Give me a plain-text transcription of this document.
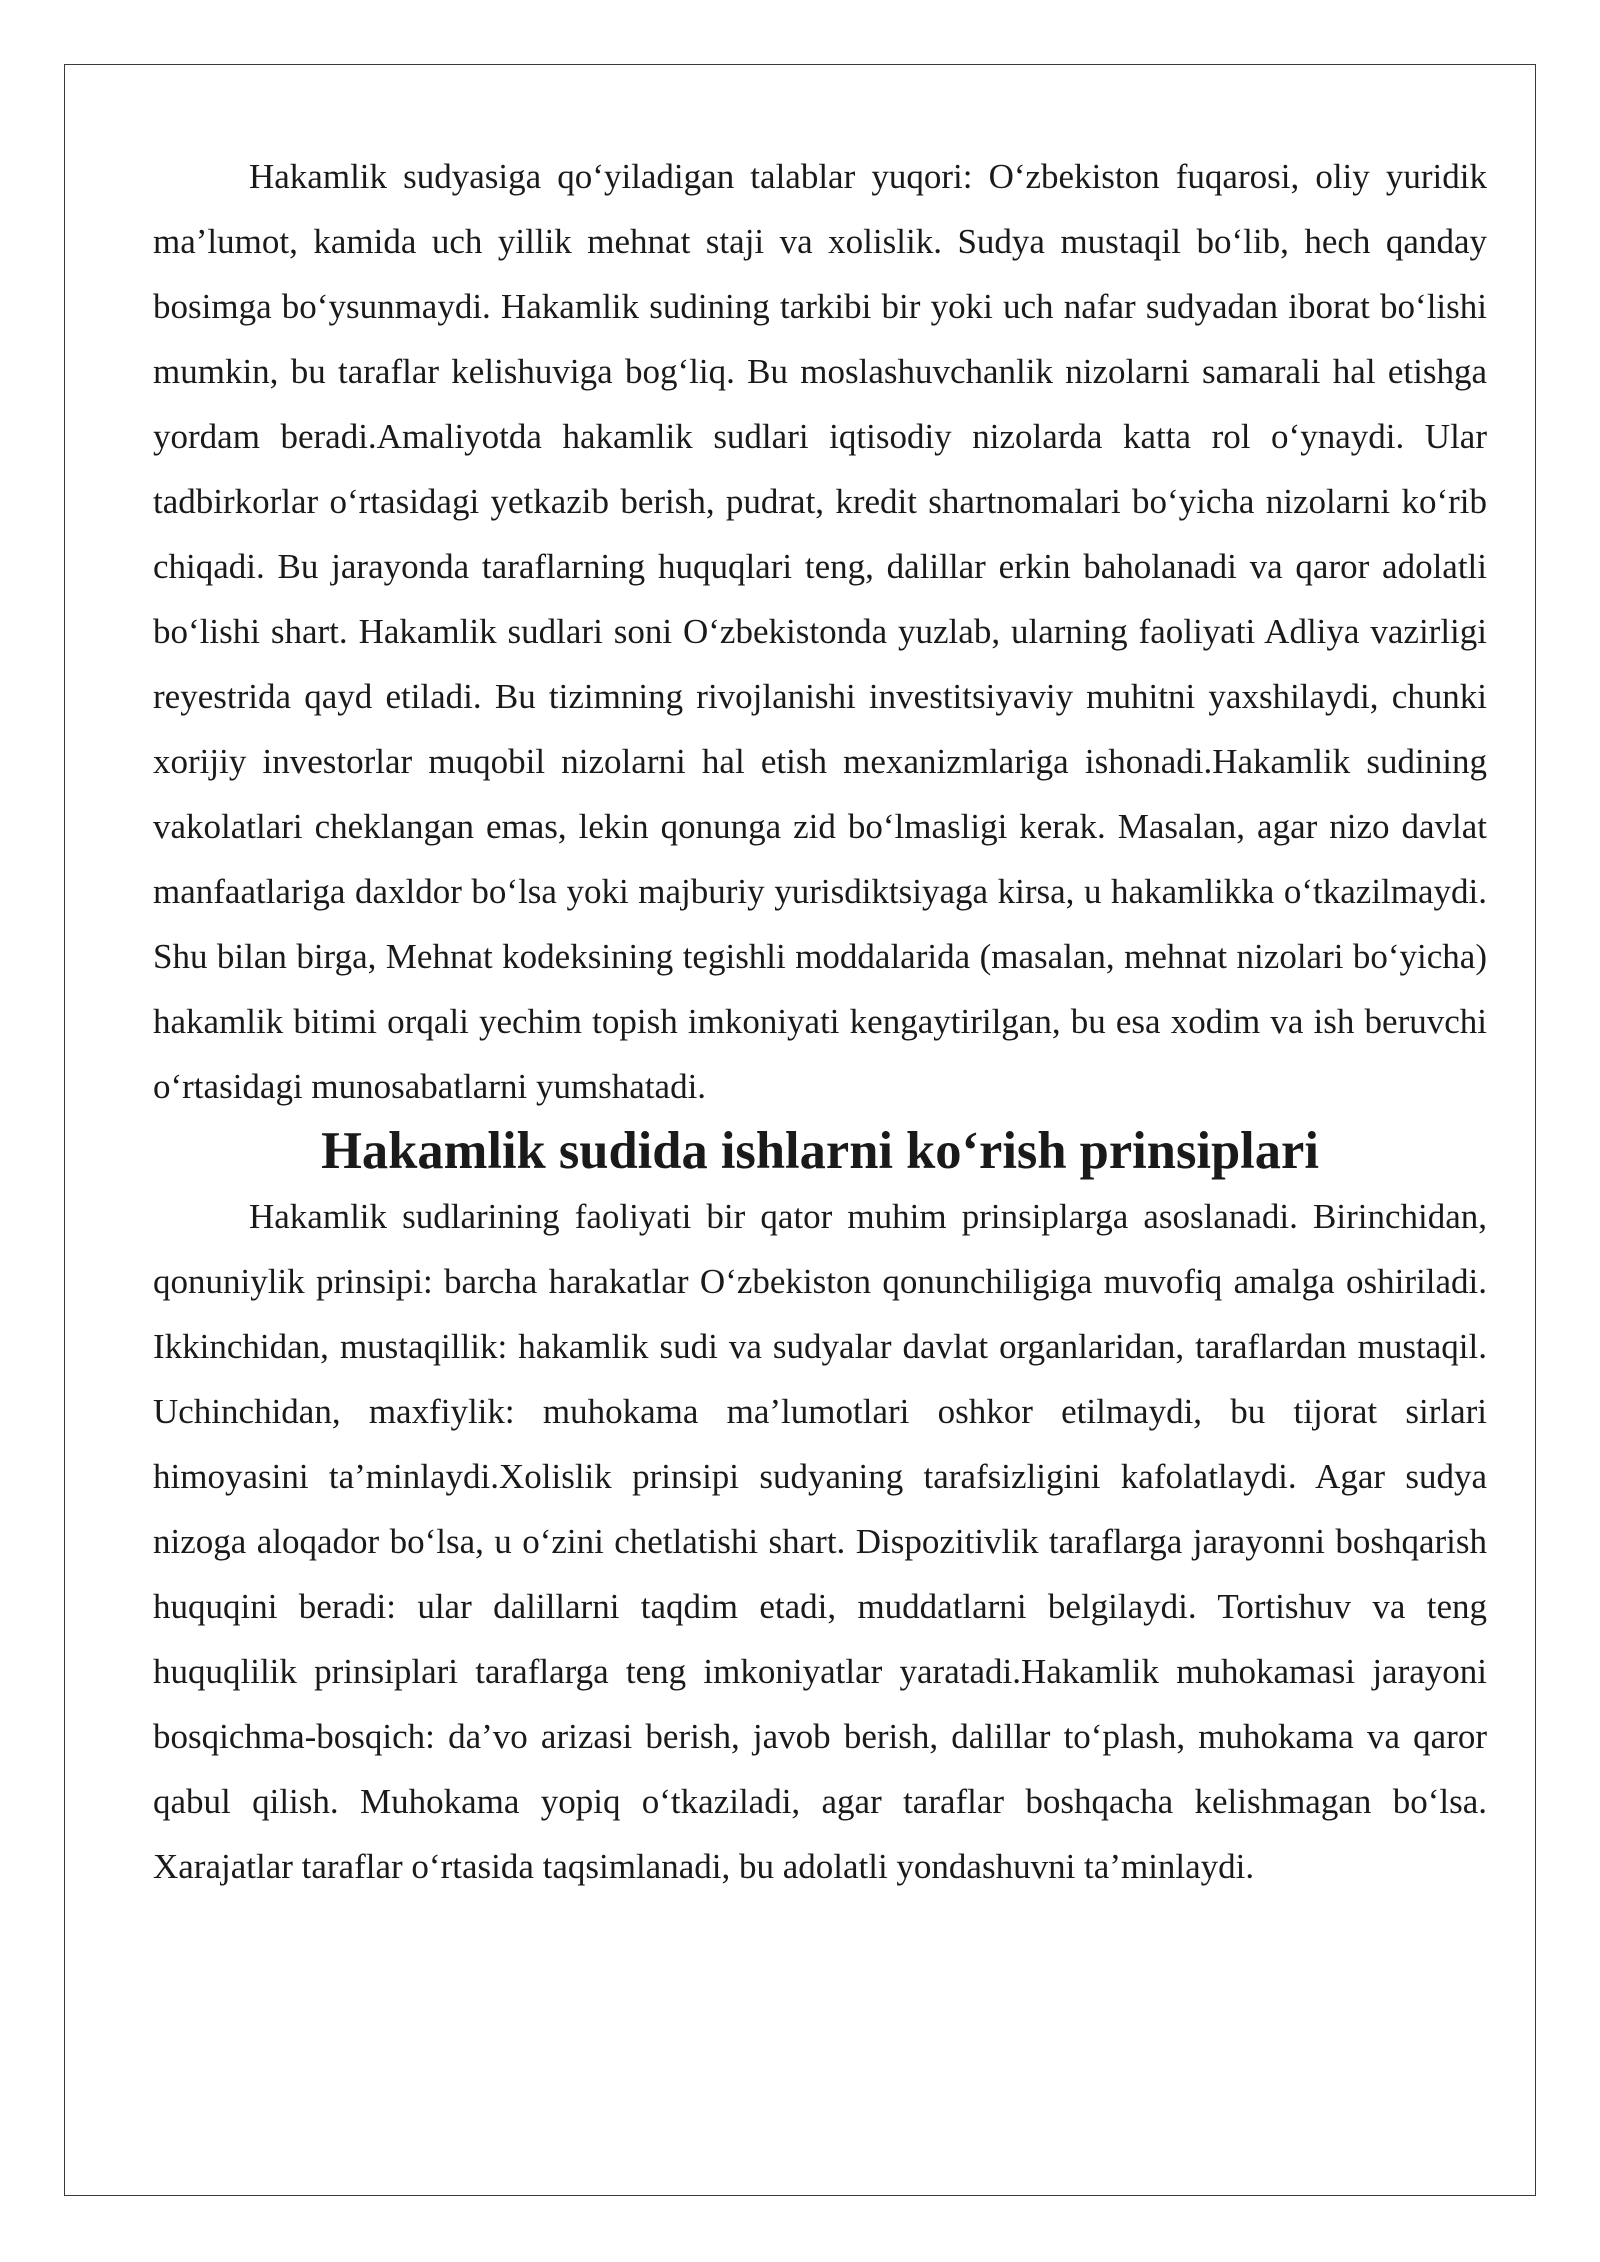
Hakamlik sudyasiga qo‘yiladigan talablar yuqori: O‘zbekiston fuqarosi, oliy yuridik ma’lumot, kamida uch yillik mehnat staji va xolislik. Sudya mustaqil bo‘lib, hech qanday bosimga bo‘ysunmaydi. Hakamlik sudining tarkibi bir yoki uch nafar sudyadan iborat bo‘lishi mumkin, bu taraflar kelishuviga bog‘liq. Bu moslashuvchanlik nizolarni samarali hal etishga yordam beradi.Amaliyotda hakamlik sudlari iqtisodiy nizolarda katta rol o‘ynaydi. Ular tadbirkorlar o‘rtasidagi yetkazib berish, pudrat, kredit shartnomalari bo‘yicha nizolarni ko‘rib chiqadi. Bu jarayonda taraflarning huquqlari teng, dalillar erkin baholanadi va qaror adolatli bo‘lishi shart. Hakamlik sudlari soni O‘zbekistonda yuzlab, ularning faoliyati Adliya vazirligi reyestrida qayd etiladi. Bu tizimning rivojlanishi investitsiyaviy muhitni yaxshilaydi, chunki xorijiy investorlar muqobil nizolarni hal etish mexanizmlariga ishonadi.Hakamlik sudining vakolatlari cheklangan emas, lekin qonunga zid bo‘lmasligi kerak. Masalan, agar nizo davlat manfaatlariga daxldor bo‘lsa yoki majburiy yurisdiktsiyaga kirsa, u hakamlikka o‘tkazilmaydi. Shu bilan birga, Mehnat kodeksining tegishli moddalarida (masalan, mehnat nizolari bo‘yicha) hakamlik bitimi orqali yechim topish imkoniyati kengaytirilgan, bu esa xodim va ish beruvchi o‘rtasidagi munosabatlarni yumshatadi.

Hakamlik sudida ishlarni ko‘rish prinsiplari

Hakamlik sudlarining faoliyati bir qator muhim prinsiplarga asoslanadi. Birinchidan, qonuniylik prinsipi: barcha harakatlar O‘zbekiston qonunchiligiga muvofiq amalga oshiriladi. Ikkinchidan, mustaqillik: hakamlik sudi va sudyalar davlat organlaridan, taraflardan mustaqil. Uchinchidan, maxfiylik: muhokama ma’lumotlari oshkor etilmaydi, bu tijorat sirlari himoyasini ta’minlaydi.Xolislik prinsipi sudyaning tarafsizligini kafolatlaydi. Agar sudya nizoga aloqador bo‘lsa, u o‘zini chetlatishi shart. Dispozitivlik taraflarga jarayonni boshqarish huquqini beradi: ular dalillarni taqdim etadi, muddatlarni belgilaydi. Tortishuv va teng huquqlilik prinsiplari taraflarga teng imkoniyatlar yaratadi.Hakamlik muhokamasi jarayoni bosqichma-bosqich: da’vo arizasi berish, javob berish, dalillar to‘plash, muhokama va qaror qabul qilish. Muhokama yopiq o‘tkaziladi, agar taraflar boshqacha kelishmagan bo‘lsa. Xarajatlar taraflar o‘rtasida taqsimlanadi, bu adolatli yondashuvni ta’minlaydi.
